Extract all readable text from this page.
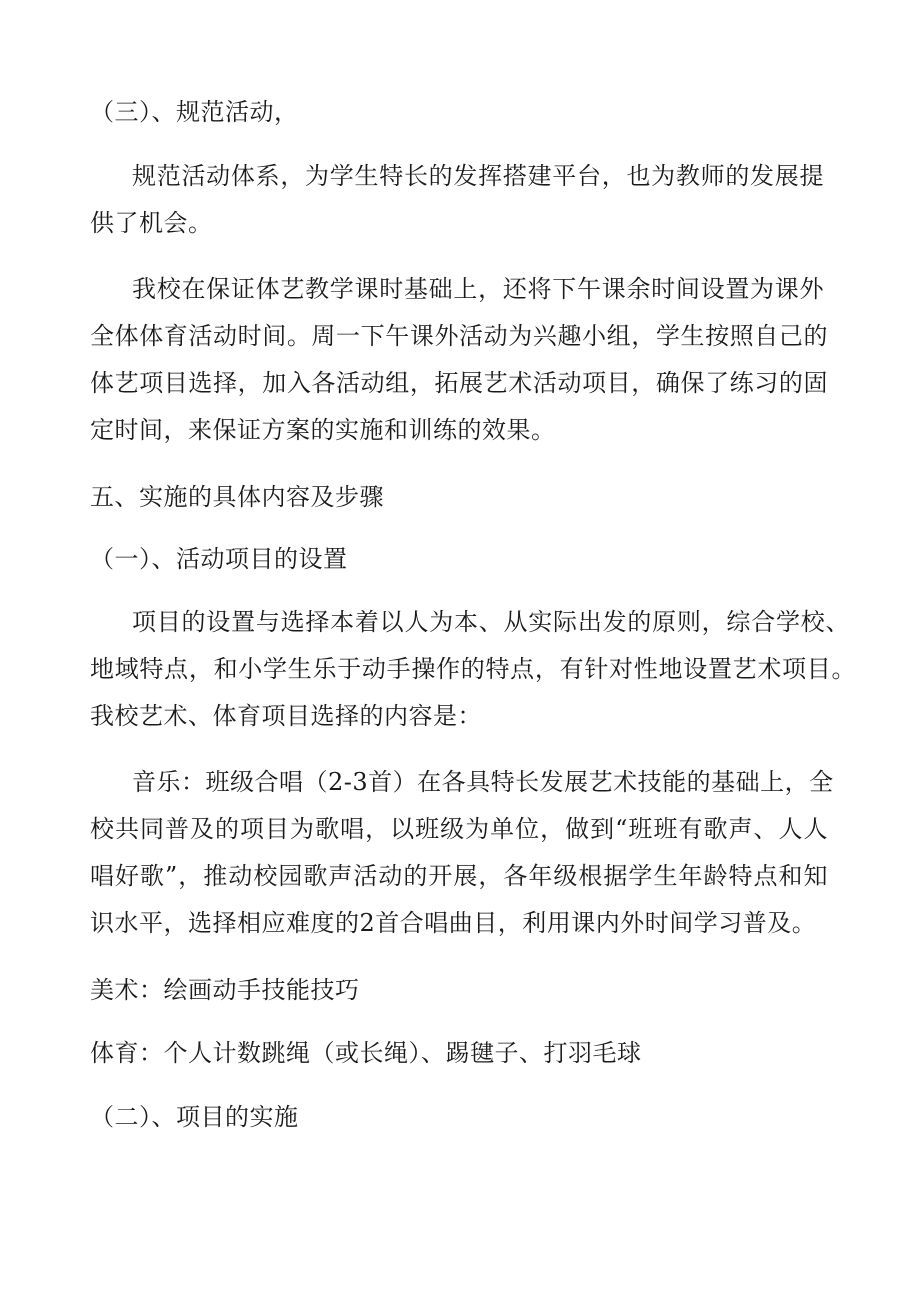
（三）、规范活动，
规范活动体系，为学生特长的发挥搭建平台，也为教师的发展提
供了机会。
我校在保证体艺教学课时基础上，还将下午课余时间设置为课外
全体体育活动时间。周一下午课外活动为兴趣小组，学生按照自己的
体艺项目选择，加入各活动组，拓展艺术活动项目，确保了练习的固
定时间，来保证方案的实施和训练的效果。
五、实施的具体内容及步骤
（一）、活动项目的设置
项目的设置与选择本着以人为本、从实际出发的原则，综合学校、
地域特点，和小学生乐于动手操作的特点，有针对性地设置艺术项目。
我校艺术、体育项目选择的内容是：
音乐：班级合唱（2-3首）在各具特长发展艺术技能的基础上，全
校共同普及的项目为歌唱，以班级为单位，做到“班班有歌声、人人
唱好歌”，推动校园歌声活动的开展，各年级根据学生年龄特点和知
识水平，选择相应难度的2首合唱曲目，利用课内外时间学习普及。
美术：绘画动手技能技巧
体育：个人计数跳绳（或长绳）、踢毽子、打羽毛球
（二）、项目的实施
